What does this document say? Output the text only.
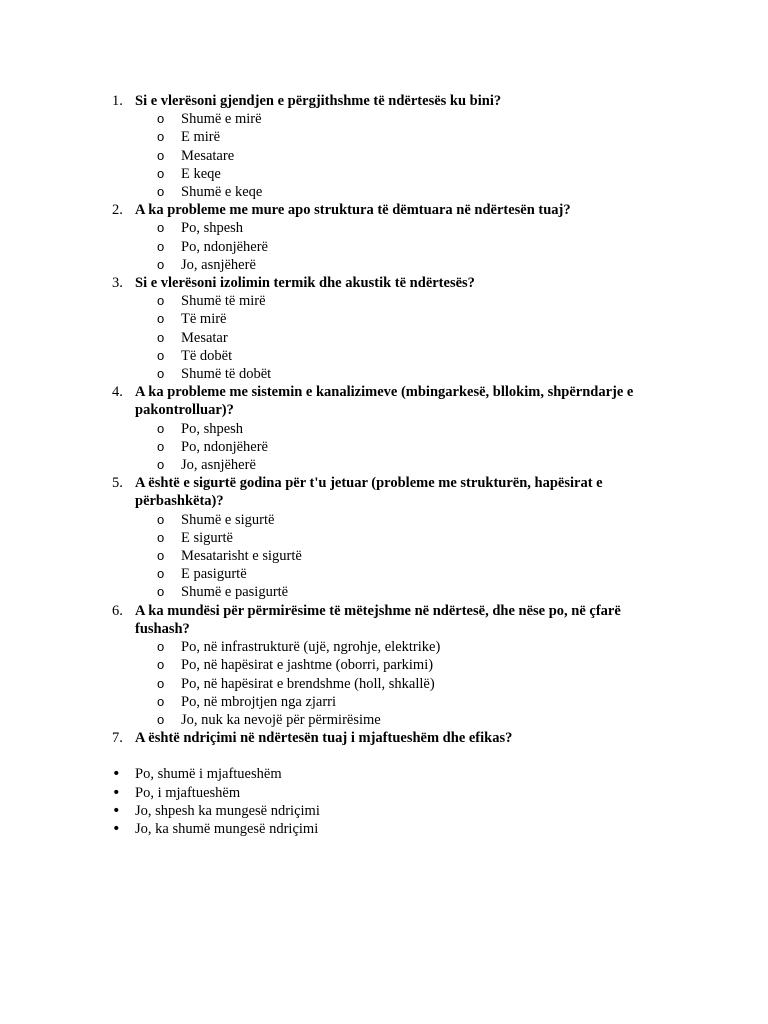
1. Si e vlerësoni gjendjen e përgjithshme të ndërtesës ku bini?
o Shumë e mirë
o E mirë
o Mesatare
o E keqe
o Shumë e keqe
2. A ka probleme me mure apo struktura të dëmtuara në ndërtesën tuaj?
o Po, shpesh
o Po, ndonjëherë
o Jo, asnjëherë
3. Si e vlerësoni izolimin termik dhe akustik të ndërtesës?
o Shumë të mirë
o Të mirë
o Mesatar
o Të dobët
o Shumë të dobët
4. A ka probleme me sistemin e kanalizimeve (mbingarkesë, bllokim, shpërndarje e pakontrolluar)?
o Po, shpesh
o Po, ndonjëherë
o Jo, asnjëherë
5. A është e sigurtë godina për t'u jetuar (probleme me strukturën, hapësirat e përbashkëta)?
o Shumë e sigurtë
o E sigurtë
o Mesatarisht e sigurtë
o E pasigurtë
o Shumë e pasigurtë
6. A ka mundësi për përmirësime të mëtejshme në ndërtesë, dhe nëse po, në çfarë fushash?
o Po, në infrastrukturë (ujë, ngrohje, elektrike)
o Po, në hapësirat e jashtme (oborri, parkimi)
o Po, në hapësirat e brendshme (holl, shkallë)
o Po, në mbrojtjen nga zjarri
o Jo, nuk ka nevojë për përmirësime
7. A është ndriçimi në ndërtesën tuaj i mjaftueshëm dhe efikas?
• Po, shumë i mjaftueshëm
• Po, i mjaftueshëm
• Jo, shpesh ka mungesë ndriçimi
• Jo, ka shumë mungesë ndriçimi
